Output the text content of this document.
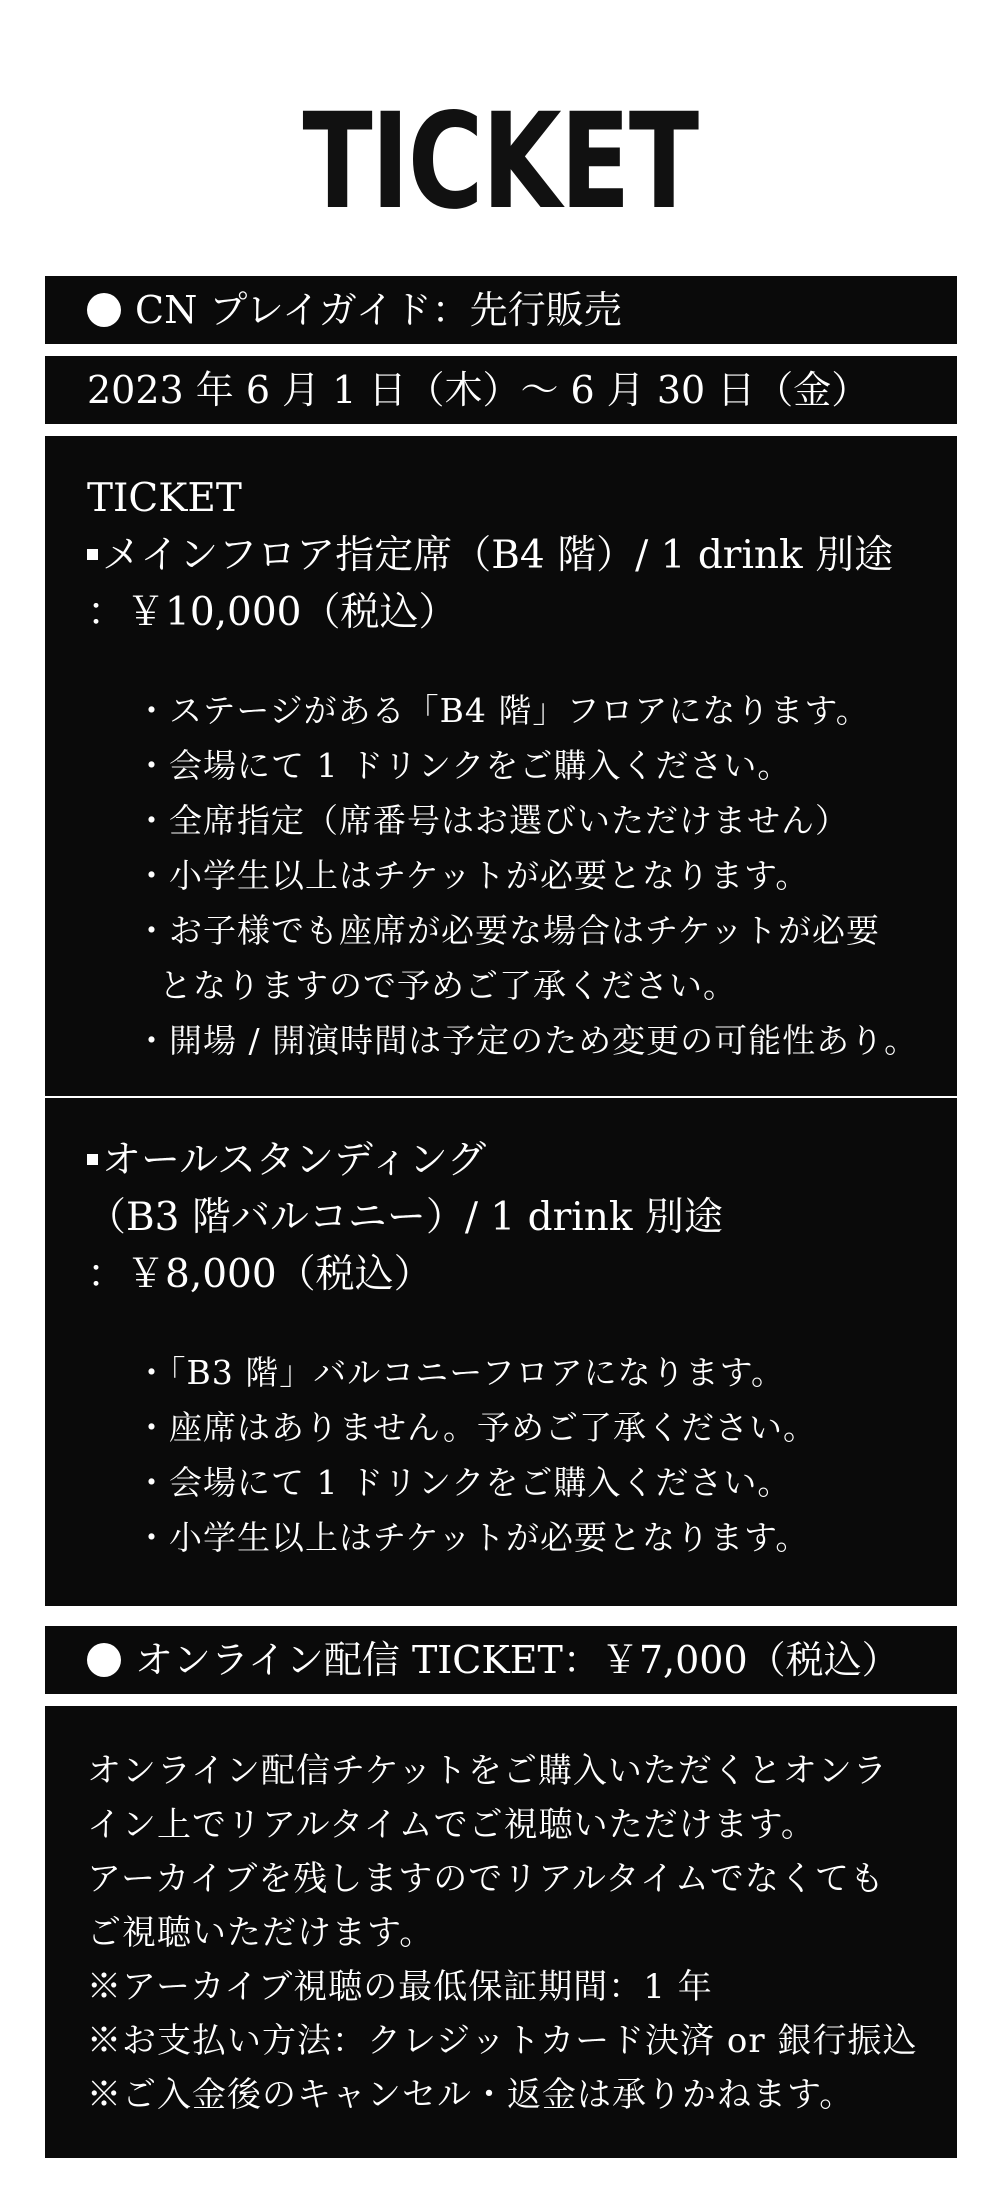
TICKET
CN プレイガイド：先行販売
2023 年 6 月 1 日（木）〜 6 月 30 日（金）
TICKET
メインフロア指定席（B4 階）/ 1 drink 別途
：￥10,000（税込）
・ステージがある「B4 階」フロアになります。
・会場にて 1 ドリンクをご購入ください。
・全席指定（席番号はお選びいただけません）
・小学生以上はチケットが必要となります。
・お子様でも座席が必要な場合はチケットが必要
となりますので予めご了承ください。
・開場 / 開演時間は予定のため変更の可能性あり。
オールスタンディング
（B3 階バルコニー）/ 1 drink 別途
：￥8,000（税込）
・「B3 階」バルコニーフロアになります。
・座席はありません。予めご了承ください。
・会場にて 1 ドリンクをご購入ください。
・小学生以上はチケットが必要となります。
オンライン配信 TICKET：￥7,000（税込）
オンライン配信チケットをご購入いただくとオンラ
イン上でリアルタイムでご視聴いただけます。
アーカイブを残しますのでリアルタイムでなくても
ご視聴いただけます。
※アーカイブ視聴の最低保証期間：1 年
※お支払い方法：クレジットカード決済 or 銀行振込
※ご入金後のキャンセル・返金は承りかねます。
